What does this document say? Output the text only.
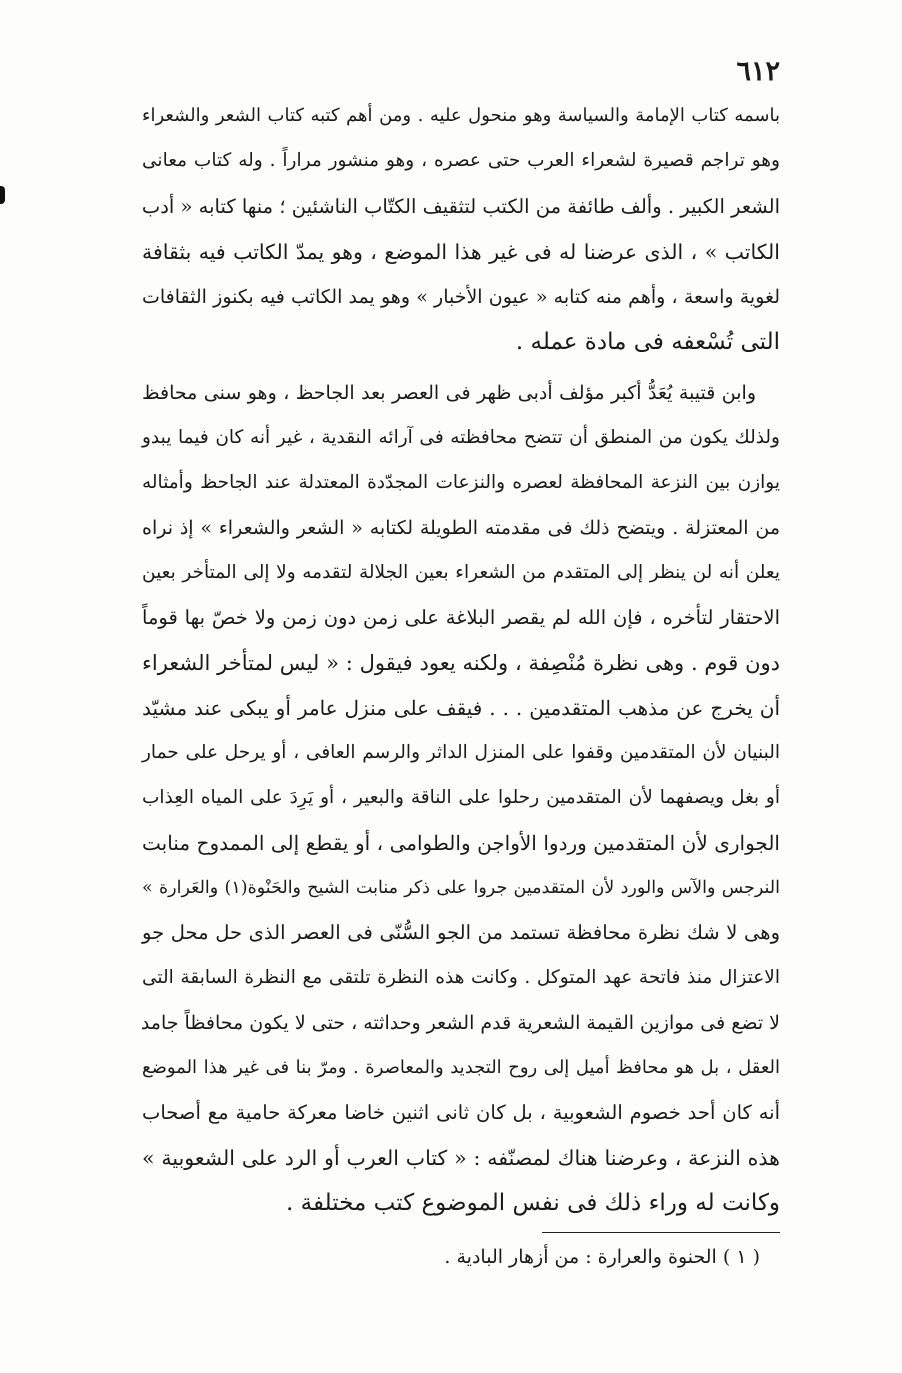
٦١٢
باسمه كتاب الإمامة والسياسة وهو منحول عليه . ومن أهم كتبه كتاب الشعر والشعراء
وهو تراجم قصيرة لشعراء العرب حتى عصره ، وهو منشور مراراً . وله كتاب معانى
الشعر الكبير . وألف طائفة من الكتب لتثقيف الكتّاب الناشئين ؛ منها كتابه « أدب
الكاتب » ، الذى عرضنا له فى غير هذا الموضع ، وهو يمدّ الكاتب فيه بثقافة
لغوية واسعة ، وأهم منه كتابه « عيون الأخبار » وهو يمد الكاتب فيه بكنوز الثقافات
التى تُسْعفه فى مادة عمله .
وابن قتيبة يُعَدُّ أكبر مؤلف أدبى ظهر فى العصر بعد الجاحظ ، وهو سنى محافظ
ولذلك يكون من المنطق أن تتضح محافظته فى آرائه النقدية ، غير أنه كان فيما يبدو
يوازن بين النزعة المحافظة لعصره والنزعات المجدّدة المعتدلة عند الجاحظ وأمثاله
من المعتزلة . ويتضح ذلك فى مقدمته الطويلة لكتابه « الشعر والشعراء » إذ نراه
يعلن أنه لن ينظر إلى المتقدم من الشعراء بعين الجلالة لتقدمه ولا إلى المتأخر بعين
الاحتقار لتأخره ، فإن الله لم يقصر البلاغة على زمن دون زمن ولا خصّ بها قوماً
دون قوم . وهى نظرة مُنْصِفة ، ولكنه يعود فيقول : « ليس لمتأخر الشعراء
أن يخرج عن مذهب المتقدمين . . . فيقف على منزل عامر أو يبكى عند مشيّد
البنيان لأن المتقدمين وقفوا على المنزل الداثر والرسم العافى ، أو يرحل على حمار
أو بغل ويصفهما لأن المتقدمين رحلوا على الناقة والبعير ، أو يَرِدَ على المياه العِذاب
الجوارى لأن المتقدمين وردوا الأواجن والطوامى ، أو يقطع إلى الممدوح منابت
النرجس والآس والورد لأن المتقدمين جروا على ذكر منابت الشيح والحَنْوة(١) والعَرارة »
وهى لا شك نظرة محافظة تستمد من الجو السُّنّى فى العصر الذى حل محل جو
الاعتزال منذ فاتحة عهد المتوكل . وكانت هذه النظرة تلتقى مع النظرة السابقة التى
لا تضع فى موازين القيمة الشعرية قدم الشعر وحداثته ، حتى لا يكون محافظاً جامد
العقل ، بل هو محافظ أميل إلى روح التجديد والمعاصرة . ومرّ بنا فى غير هذا الموضع
أنه كان أحد خصوم الشعوبية ، بل كان ثانى اثنين خاضا معركة حامية مع أصحاب
هذه النزعة ، وعرضنا هناك لمصنّفه : « كتاب العرب أو الرد على الشعوبية »
وكانت له وراء ذلك فى نفس الموضوع كتب مختلفة .
( ١ ) الحنوة والعرارة : من أزهار البادية .
